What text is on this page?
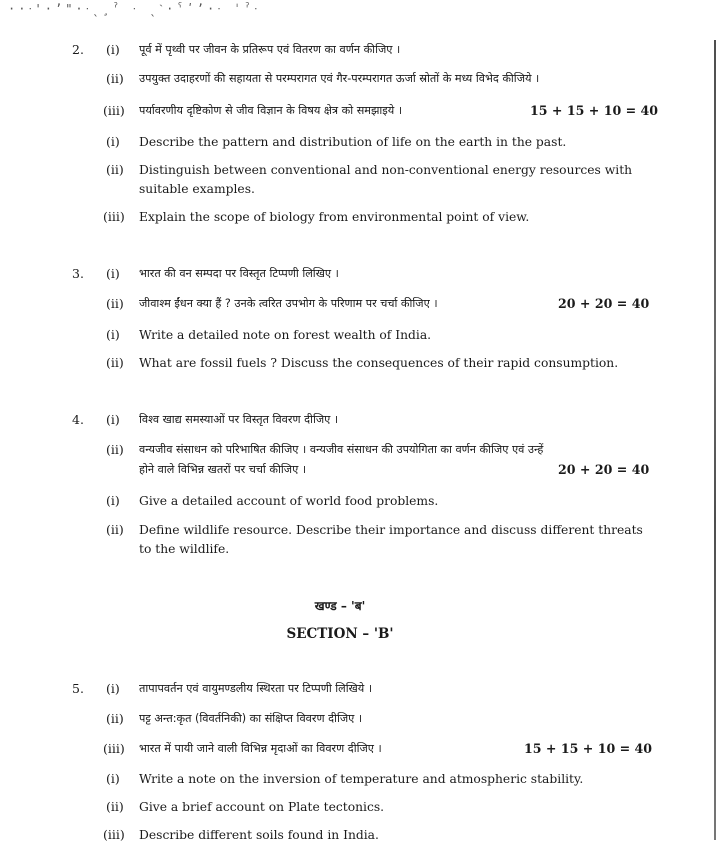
··ᐧ'·ʼ"·ᐧˎ¸ˀ ᐧ ˎˋ·ˁʹʼ·ᐧ ˈˀᐧ
2. (i) पूर्व में पृथ्वी पर जीवन के प्रतिरूप एवं वितरण का वर्णन कीजिए ।
(ii) उपयुक्त उदाहरणों की सहायता से परम्परागत एवं गैर-परम्परागत ऊर्जा स्रोतों के मध्य विभेद कीजिये ।
(iii) पर्यावरणीय दृष्टिकोण से जीव विज्ञान के विषय क्षेत्र को समझाइये ।	15 + 15 + 10 = 40
(i) Describe the pattern and distribution of life on the earth in the past.
(ii) Distinguish between conventional and non-conventional energy resources with
suitable examples.
(iii) Explain the scope of biology from environmental point of view.
3. (i) भारत की वन सम्पदा पर विस्तृत टिप्पणी लिखिए ।
(ii) जीवाश्म ईंधन क्या हैं ? उनके त्वरित उपभोग के परिणाम पर चर्चा कीजिए ।	20 + 20 = 40
(i) Write a detailed note on forest wealth of India.
(ii) What are fossil fuels ? Discuss the consequences of their rapid consumption.
4. (i) विश्व खाद्य समस्याओं पर विस्तृत विवरण दीजिए ।
(ii) वन्यजीव संसाधन को परिभाषित कीजिए । वन्यजीव संसाधन की उपयोगिता का वर्णन कीजिए एवं उन्हें
होने वाले विभिन्न खतरों पर चर्चा कीजिए ।	20 + 20 = 40
(i) Give a detailed account of world food problems.
(ii) Define wildlife resource. Describe their importance and discuss different threats
to the wildlife.
खण्ड – 'ब'
SECTION – 'B'
5. (i) तापापवर्तन एवं वायुमण्डलीय स्थिरता पर टिप्पणी लिखिये ।
(ii) पट्ट अन्त:कृत (विवर्तनिकी) का संक्षिप्त विवरण दीजिए ।
(iii) भारत में पायी जाने वाली विभिन्न मृदाओं का विवरण दीजिए ।	15 + 15 + 10 = 40
(i) Write a note on the inversion of temperature and atmospheric stability.
(ii) Give a brief account on Plate tectonics.
(iii) Describe different soils found in India.
